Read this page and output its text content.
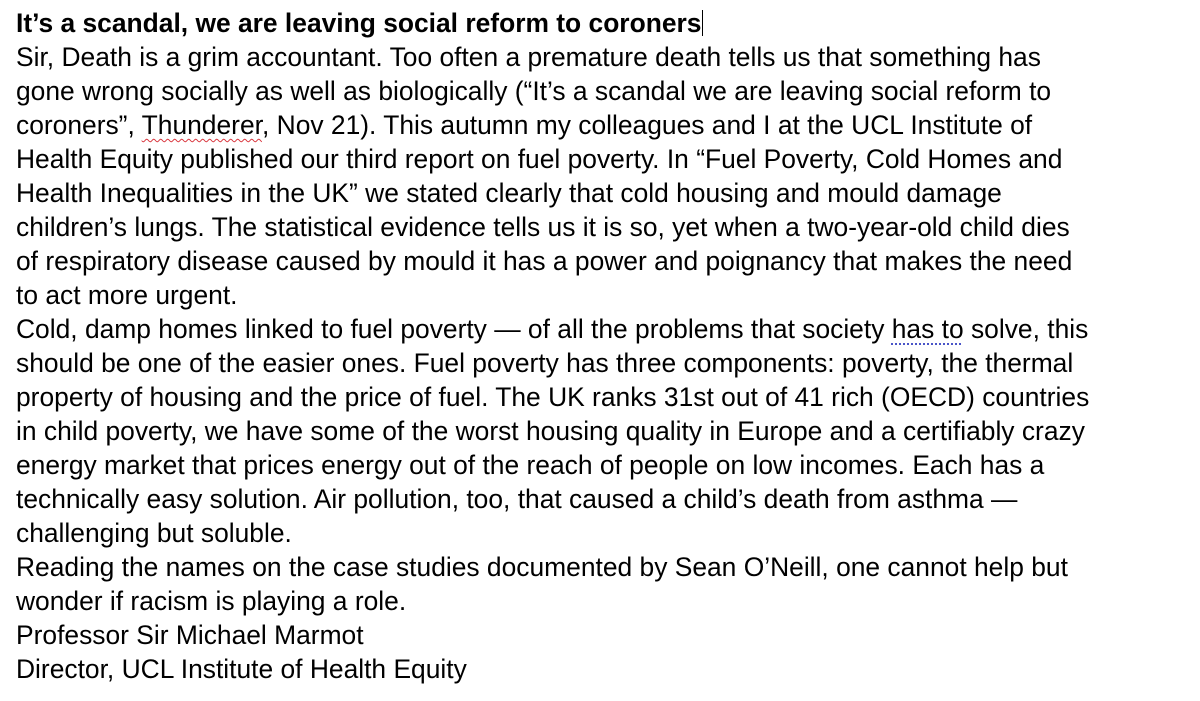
It’s a scandal, we are leaving social reform to coroners
Sir, Death is a grim accountant. Too often a premature death tells us that something has
gone wrong socially as well as biologically (“It’s a scandal we are leaving social reform to
coroners”, Thunderer, Nov 21). This autumn my colleagues and I at the UCL Institute of
Health Equity published our third report on fuel poverty. In “Fuel Poverty, Cold Homes and
Health Inequalities in the UK” we stated clearly that cold housing and mould damage
children’s lungs. The statistical evidence tells us it is so, yet when a two-year-old child dies
of respiratory disease caused by mould it has a power and poignancy that makes the need
to act more urgent.
Cold, damp homes linked to fuel poverty — of all the problems that society has to solve, this
should be one of the easier ones. Fuel poverty has three components: poverty, the thermal
property of housing and the price of fuel. The UK ranks 31st out of 41 rich (OECD) countries
in child poverty, we have some of the worst housing quality in Europe and a certifiably crazy
energy market that prices energy out of the reach of people on low incomes. Each has a
technically easy solution. Air pollution, too, that caused a child’s death from asthma —
challenging but soluble.
Reading the names on the case studies documented by Sean O’Neill, one cannot help but
wonder if racism is playing a role.
Professor Sir Michael Marmot
Director, UCL Institute of Health Equity
